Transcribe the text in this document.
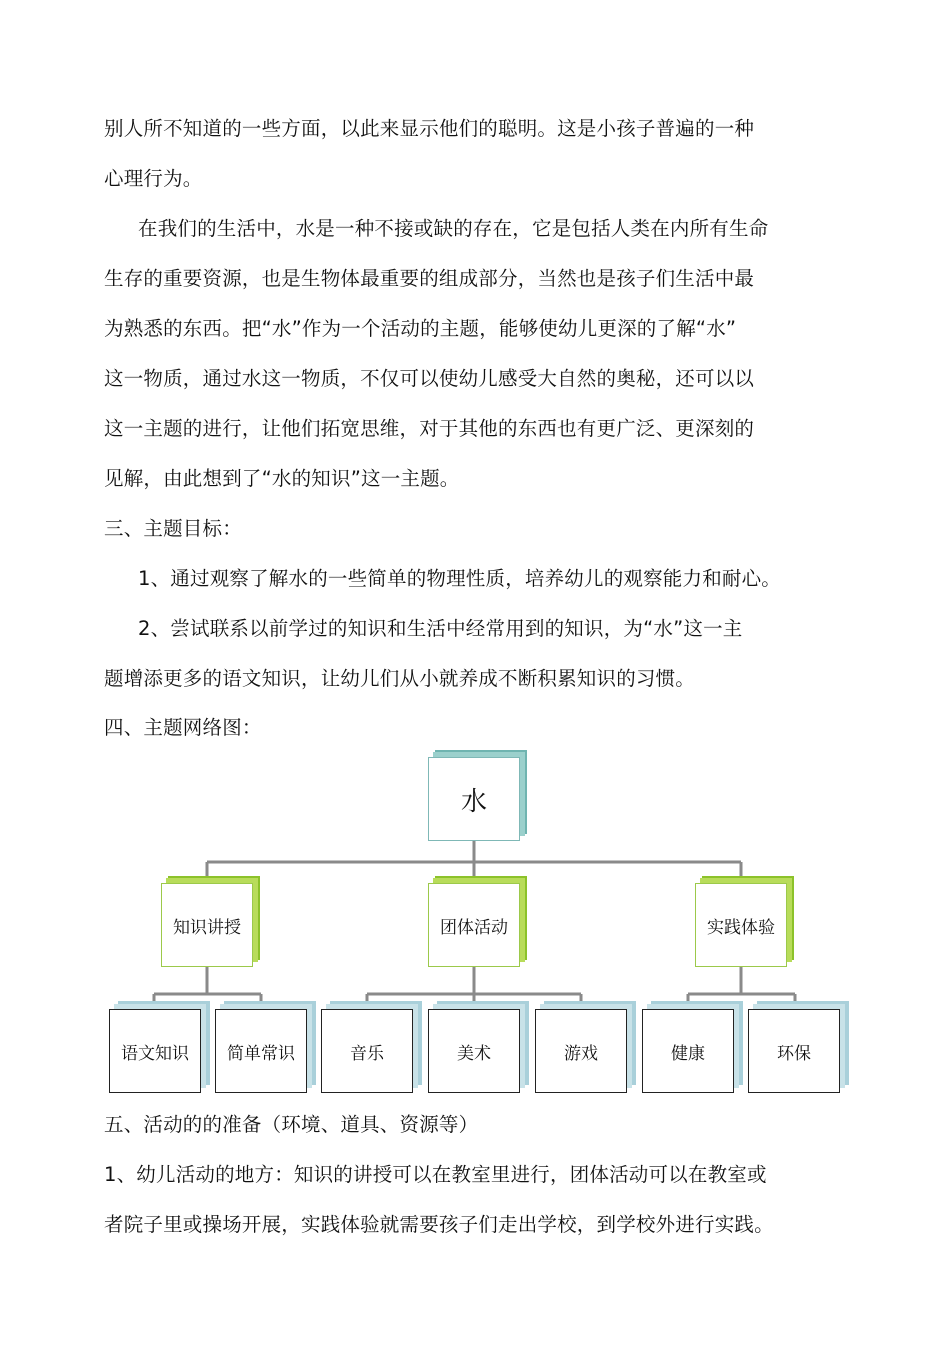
别人所不知道的一些方面，以此来显示他们的聪明。这是小孩子普遍的一种
心理行为。
在我们的生活中，水是一种不接或缺的存在，它是包括人类在内所有生命
生存的重要资源，也是生物体最重要的组成部分，当然也是孩子们生活中最
为熟悉的东西。把“水”作为一个活动的主题，能够使幼儿更深的了解“水”
这一物质，通过水这一物质，不仅可以使幼儿感受大自然的奥秘，还可以以
这一主题的进行，让他们拓宽思维，对于其他的东西也有更广泛、更深刻的
见解，由此想到了“水的知识”这一主题。
三、主题目标：
1、通过观察了解水的一些简单的物理性质，培养幼儿的观察能力和耐心。
2、尝试联系以前学过的知识和生活中经常用到的知识，为“水”这一主
题增添更多的语文知识，让幼儿们从小就养成不断积累知识的习惯。
四、主题网络图：
水
知识讲授	团体活动	实践体验
语文知识	简单常识	音乐	美术	游戏	健康	环保
五、活动的的准备（环境、道具、资源等）
1、幼儿活动的地方：知识的讲授可以在教室里进行，团体活动可以在教室或
者院子里或操场开展，实践体验就需要孩子们走出学校，到学校外进行实践。
